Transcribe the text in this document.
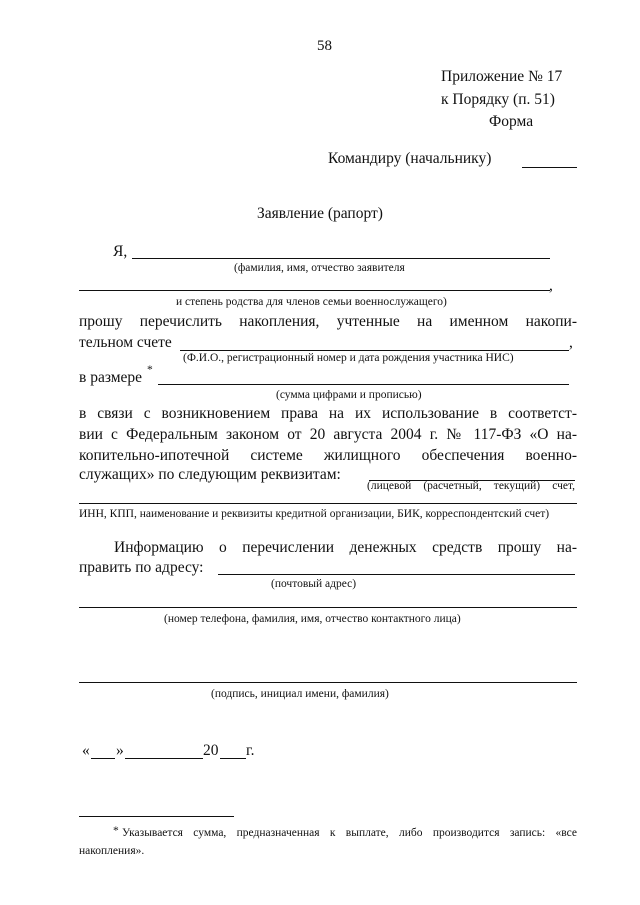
58
Приложение № 17
к Порядку (п. 51)
Форма
Командиру (начальнику)
Заявление (рапорт)
Я,
(фамилия, имя, отчество заявителя
,
и степень родства для членов семьи военнослужащего)
прошу перечислить накопления, учтенные на именном накопи-
тельном счете	,
(Ф.И.О., регистрационный номер и дата рождения участника НИС)
в размере *
(сумма цифрами и прописью)
в связи с возникновением права на их использование в соответст-
вии с Федеральным законом от 20 августа 2004 г. № 117-ФЗ «О на-
копительно-ипотечной системе жилищного обеспечения военно-
служащих» по следующим реквизитам:
(лицевой (расчетный, текущий) счет,
ИНН, КПП, наименование и реквизиты кредитной организации, БИК, корреспондентский счет)
Информацию о перечислении денежных средств прошу на-
править по адресу:
(почтовый адрес)
(номер телефона, фамилия, имя, отчество контактного лица)
(подпись, инициал имени, фамилия)
« »	20 г.
* Указывается сумма, предназначенная к выплате, либо производится запись: «все
накопления».
